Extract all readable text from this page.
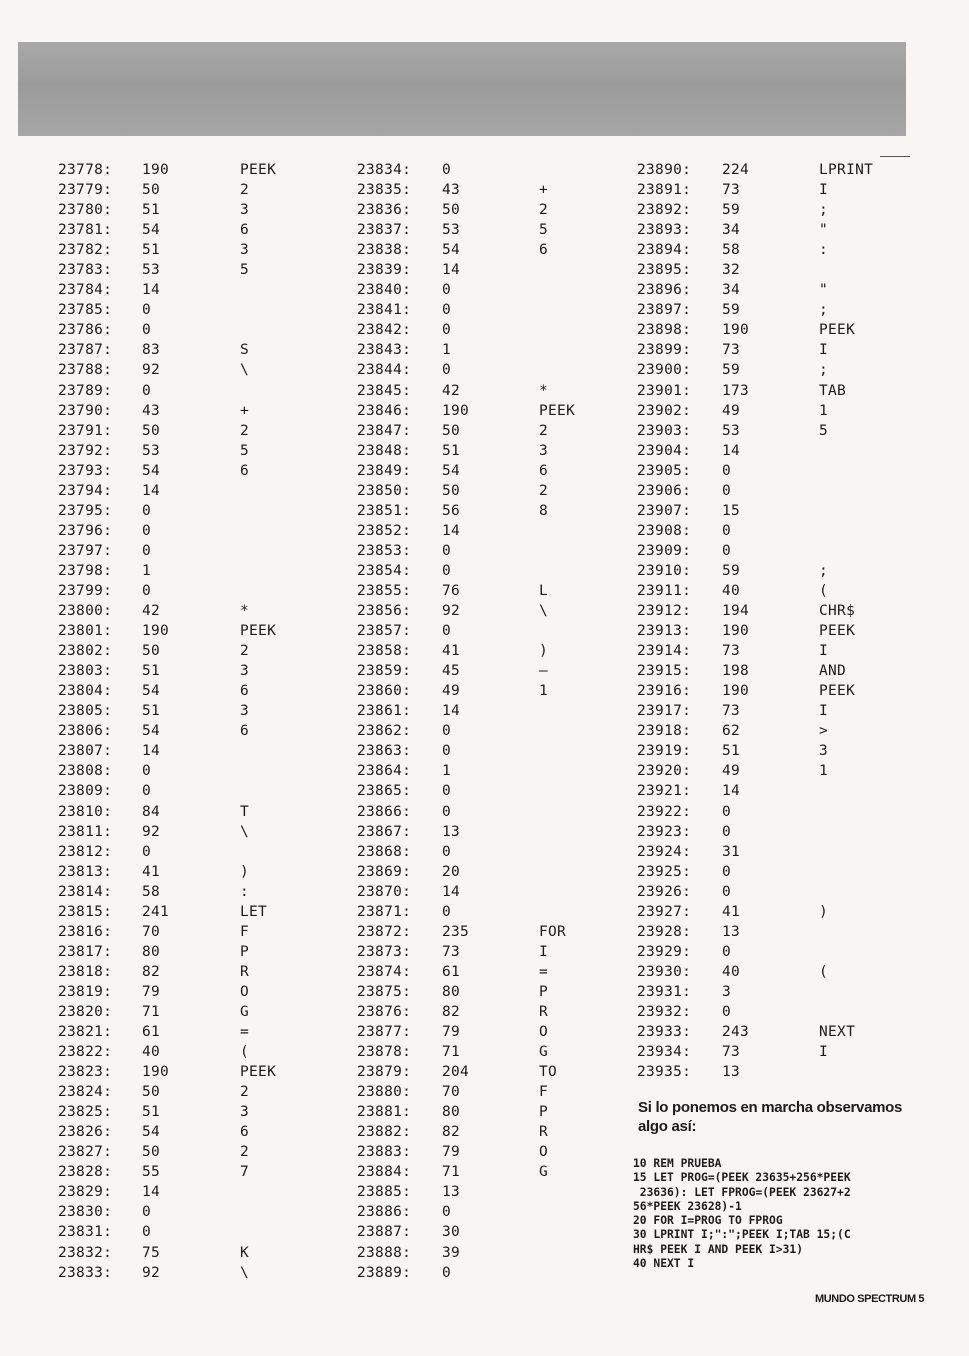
23778: 190	PEEK
23779: 50	2
23780: 51	3
23781: 54	6
23782: 51	3
23783: 53	5
23784: 14
23785: 0
23786: 0
23787: 83	S
23788: 92	\
23789: 0
23790: 43	+
23791: 50	2
23792: 53	5
23793: 54	6
23794: 14
23795: 0
23796: 0
23797: 0
23798: 1
23799: 0
23800: 42	*
23801: 190	PEEK
23802: 50	2
23803: 51	3
23804: 54	6
23805: 51	3
23806: 54	6
23807: 14
23808: 0
23809: 0
23810: 84	T
23811: 92	\
23812: 0
23813: 41	)
23814: 58	:
23815: 241	LET
23816: 70	F
23817: 80	P
23818: 82	R
23819: 79	O
23820: 71	G
23821: 61	=
23822: 40	(
23823: 190	PEEK
23824: 50	2
23825: 51	3
23826: 54	6
23827: 50	2
23828: 55	7
23829: 14
23830: 0
23831: 0
23832: 75	K
23833: 92	\
23834: 0
23835: 43	+
23836: 50	2
23837: 53	5
23838: 54	6
23839: 14
23840: 0
23841: 0
23842: 0
23843: 1
23844: 0
23845: 42	*
23846: 190	PEEK
23847: 50	2
23848: 51	3
23849: 54	6
23850: 50	2
23851: 56	8
23852: 14
23853: 0
23854: 0
23855: 76	L
23856: 92	\
23857: 0
23858: 41	)
23859: 45	—
23860: 49	1
23861: 14
23862: 0
23863: 0
23864: 1
23865: 0
23866: 0
23867: 13
23868: 0
23869: 20
23870: 14
23871: 0
23872: 235	FOR
23873: 73	I
23874: 61	=
23875: 80	P
23876: 82	R
23877: 79	O
23878: 71	G
23879: 204	TO
23880: 70	F
23881: 80	P
23882: 82	R
23883: 79	O
23884: 71	G
23885: 13
23886: 0
23887: 30
23888: 39
23889: 0
23890: 224	LPRINT
23891: 73	I
23892: 59	;
23893: 34	"
23894: 58	:
23895: 32
23896: 34	"
23897: 59	;
23898: 190	PEEK
23899: 73	I
23900: 59	;
23901: 173	TAB
23902: 49	1
23903: 53	5
23904: 14
23905: 0
23906: 0
23907: 15
23908: 0
23909: 0
23910: 59	;
23911: 40	(
23912: 194	CHR$
23913: 190	PEEK
23914: 73	I
23915: 198	AND
23916: 190	PEEK
23917: 73	I
23918: 62	>
23919: 51	3
23920: 49	1
23921: 14
23922: 0
23923: 0
23924: 31
23925: 0
23926: 0
23927: 41	)
23928: 13
23929: 0
23930: 40	(
23931: 3
23932: 0
23933: 243	NEXT
23934: 73	I
23935: 13
Si lo ponemos en marcha observamos algo así:
10 REM PRUEBA
15 LET PROG=(PEEK 23635+256*PEEK
23636): LET FPROG=(PEEK 23627+2
56*PEEK 23628)-1
20 FOR I=PROG TO FPROG
30 LPRINT I;":";PEEK I;TAB 15;(C
HR$ PEEK I AND PEEK I>31)
40 NEXT I
MUNDO SPECTRUM 5
